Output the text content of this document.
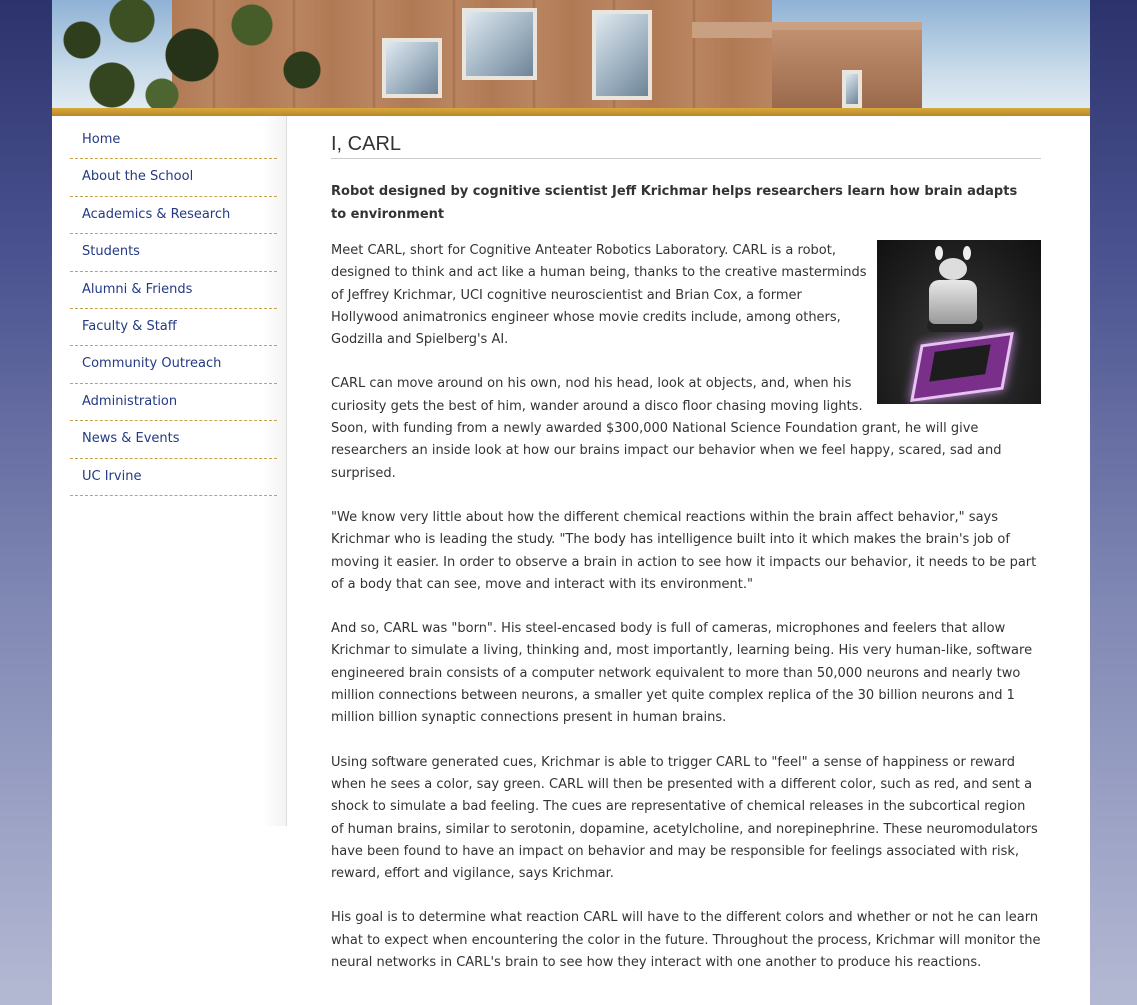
Home
About the School
Academics & Research
Students
Alumni & Friends
Faculty & Staff
Community Outreach
Administration
News & Events
UC Irvine
I, CARL

Robot designed by cognitive scientist Jeff Krichmar helps researchers learn how brain adapts to environment

Meet CARL, short for Cognitive Anteater Robotics Laboratory. CARL is a robot, designed to think and act like a human being, thanks to the creative masterminds of Jeffrey Krichmar, UCI cognitive neuroscientist and Brian Cox, a former Hollywood animatronics engineer whose movie credits include, among others, Godzilla and Spielberg's AI.

CARL can move around on his own, nod his head, look at objects, and, when his curiosity gets the best of him, wander around a disco floor chasing moving lights. Soon, with funding from a newly awarded $300,000 National Science Foundation grant, he will give researchers an inside look at how our brains impact our behavior when we feel happy, scared, sad and surprised.

"We know very little about how the different chemical reactions within the brain affect behavior," says Krichmar who is leading the study. "The body has intelligence built into it which makes the brain's job of moving it easier. In order to observe a brain in action to see how it impacts our behavior, it needs to be part of a body that can see, move and interact with its environment."

And so, CARL was "born". His steel-encased body is full of cameras, microphones and feelers that allow Krichmar to simulate a living, thinking and, most importantly, learning being. His very human-like, software engineered brain consists of a computer network equivalent to more than 50,000 neurons and nearly two million connections between neurons, a smaller yet quite complex replica of the 30 billion neurons and 1 million billion synaptic connections present in human brains.

Using software generated cues, Krichmar is able to trigger CARL to "feel" a sense of happiness or reward when he sees a color, say green. CARL will then be presented with a different color, such as red, and sent a shock to simulate a bad feeling. The cues are representative of chemical releases in the subcortical region of human brains, similar to serotonin, dopamine, acetylcholine, and norepinephrine. These neuromodulators have been found to have an impact on behavior and may be responsible for feelings associated with risk, reward, effort and vigilance, says Krichmar.

His goal is to determine what reaction CARL will have to the different colors and whether or not he can learn what to expect when encountering the color in the future. Throughout the process, Krichmar will monitor the neural networks in CARL's brain to see how they interact with one another to produce his reactions.
